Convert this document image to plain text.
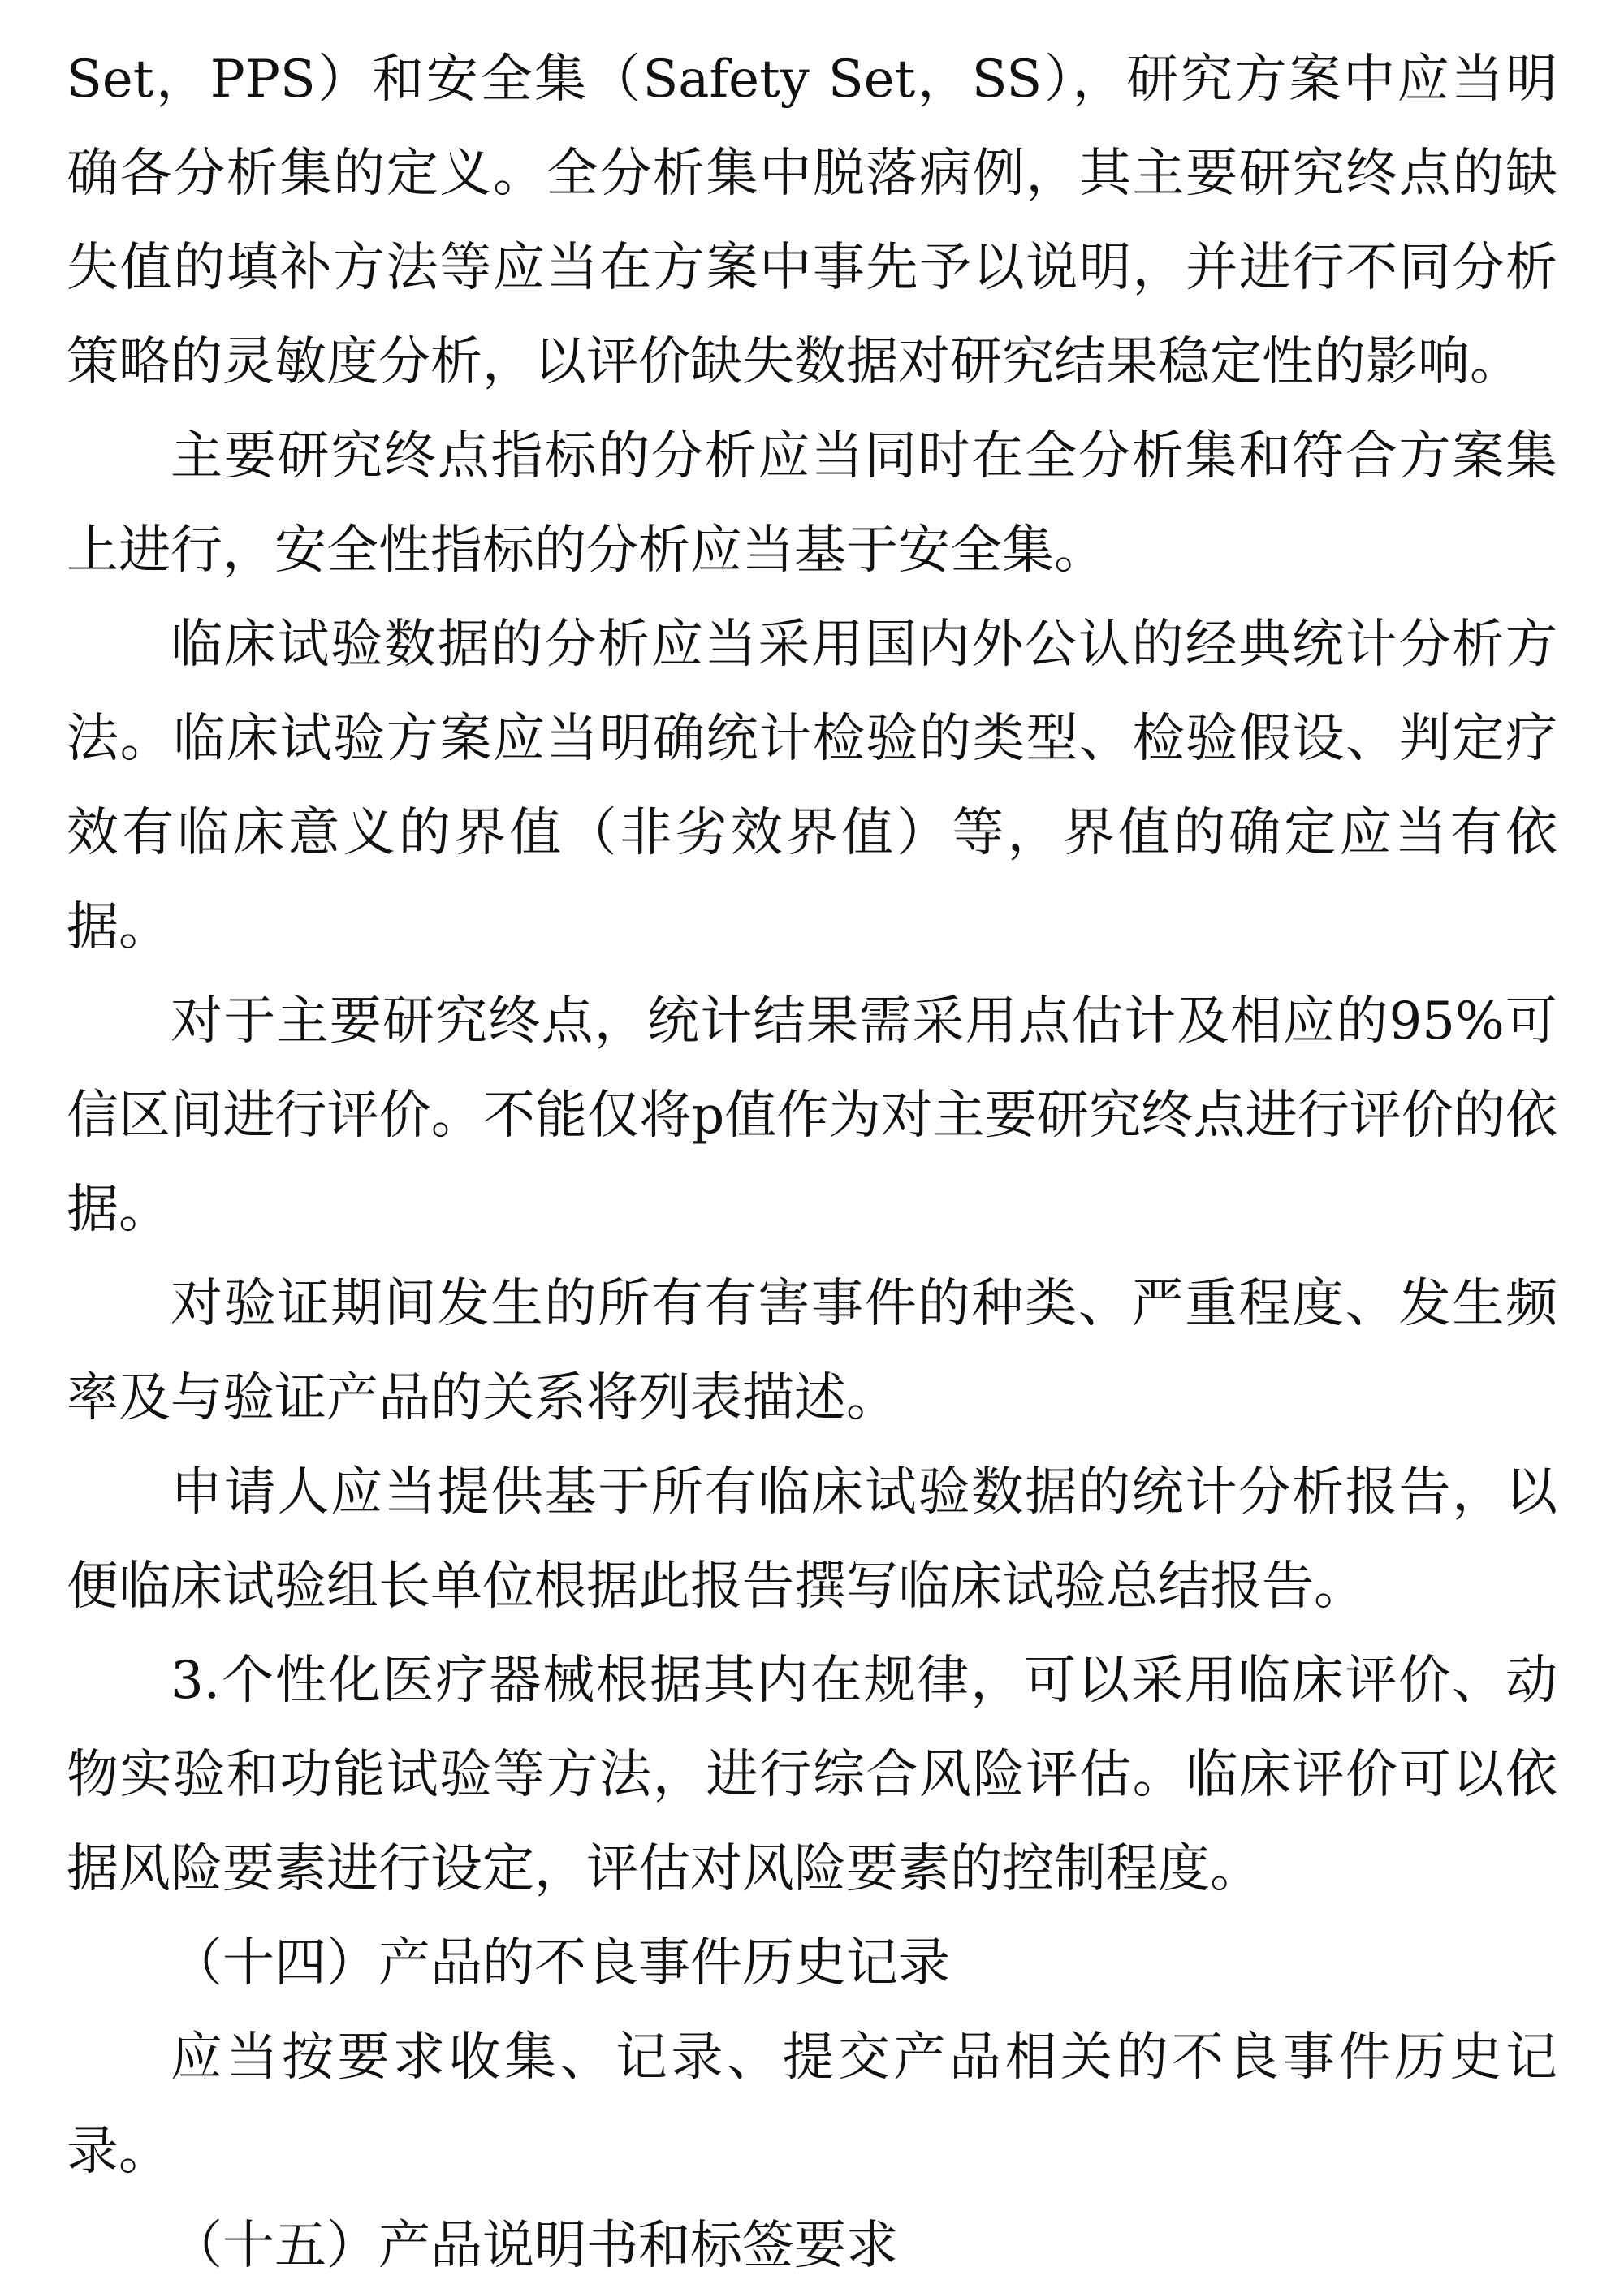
Set，PPS）和安全集（Safety Set，SS），研究方案中应当明确各分析集的定义。全分析集中脱落病例，其主要研究终点的缺失值的填补方法等应当在方案中事先予以说明，并进行不同分析策略的灵敏度分析，以评价缺失数据对研究结果稳定性的影响。

主要研究终点指标的分析应当同时在全分析集和符合方案集上进行，安全性指标的分析应当基于安全集。

临床试验数据的分析应当采用国内外公认的经典统计分析方法。临床试验方案应当明确统计检验的类型、检验假设、判定疗效有临床意义的界值（非劣效界值）等，界值的确定应当有依据。

对于主要研究终点，统计结果需采用点估计及相应的95%可信区间进行评价。不能仅将p值作为对主要研究终点进行评价的依据。

对验证期间发生的所有有害事件的种类、严重程度、发生频率及与验证产品的关系将列表描述。

申请人应当提供基于所有临床试验数据的统计分析报告，以便临床试验组长单位根据此报告撰写临床试验总结报告。

3.个性化医疗器械根据其内在规律，可以采用临床评价、动物实验和功能试验等方法，进行综合风险评估。临床评价可以依据风险要素进行设定，评估对风险要素的控制程度。

（十四）产品的不良事件历史记录

应当按要求收集、记录、提交产品相关的不良事件历史记录。

（十五）产品说明书和标签要求
